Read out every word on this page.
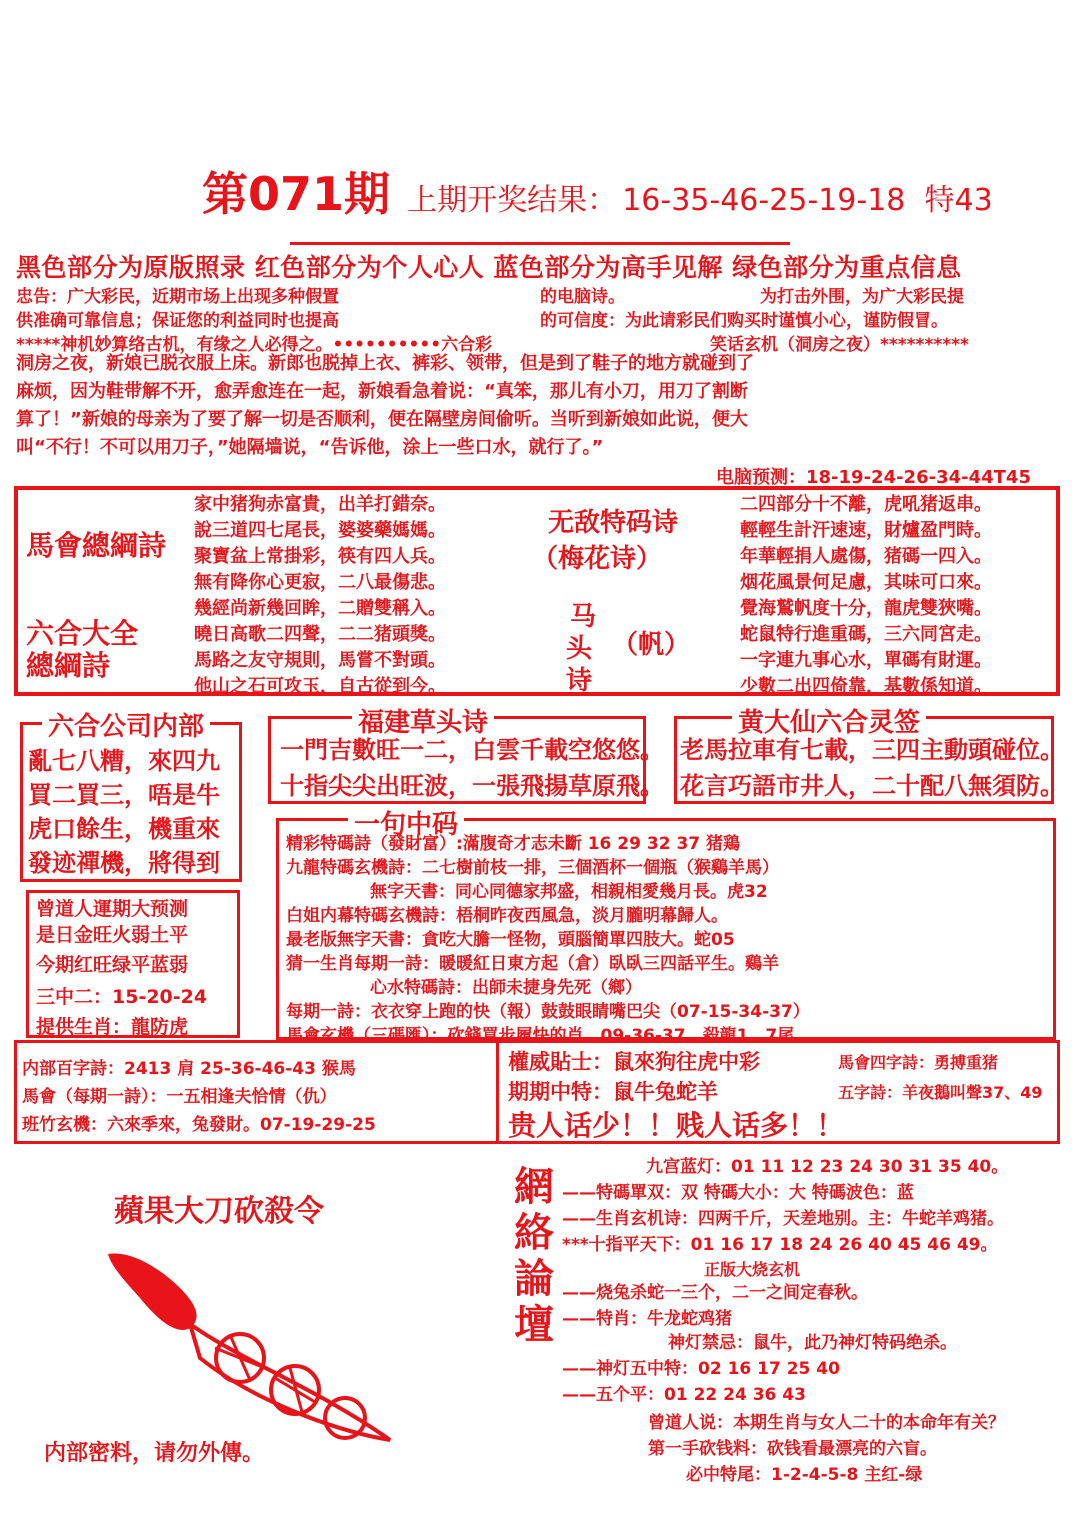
第071期 上期开奖结果： 16-35-46-25-19-18 特43
黑色部分为原版照录 红色部分为个人心人 蓝色部分为高手见解 绿色部分为重点信息
忠告：广大彩民，近期市场上出现多种假置	的电脑诗。	为打击外围，为广大彩民提
供准确可靠信息；保证您的利益同时也提高	的可信度：为此请彩民们购买时谨慎小心，谨防假冒。
*****神机妙算络古机，有缘之人必得之。••••••••••六合彩	笑话玄机（洞房之夜）**********
洞房之夜，新娘已脱衣服上床。新郎也脱掉上衣、裤彩、领带，但是到了鞋子的地方就碰到了
麻烦，因为鞋带解不开，愈弄愈连在一起，新娘看急着说：“真笨，那儿有小刀，用刀了割断
算了！”新娘的母亲为了要了解一切是否顺利，便在隔壁房间偷听。当听到新娘如此说，便大
叫“不行！不可以用刀子，”她隔墙说，“告诉他，涂上一些口水，就行了。”
电脑预测：18-19-24-26-34-44T45
馬會總綱詩
六合大全
總綱詩
家中猪狗赤富貴，出羊打錯奈。
說三道四七尾長，婆婆藥媽媽。
聚寶盆上常掛彩，筷有四人兵。
無有降你心更寂，二八最傷悲。
幾經尚新幾回眸，二贈雙稱入。
曉日高歌二四聲，二二猪頭獎。
馬路之友守規則，馬嘗不對頭。
他山之石可攻玉，自古從到今。
无敌特码诗
（梅花诗）
马
头
诗
（帆）
二四部分十不離，虎吼猪返串。
輕輕生計汗速速，財爐盈門時。
年華輕捐人處傷，猪碼一四入。
烟花風景何足慮，其味可口來。
覺海鷲帆度十分，龍虎雙狹嘴。
蛇鼠特行進重碼，三六同宮走。
一字連九事心水，單碼有財運。
少數二出四倚靠，基數係知道。
六合公司内部
亂七八糟，來四九
買二買三，唔是牛
虎口餘生，機重來
發迹禪機，將得到
福建草头诗
一門吉數旺一二，白雲千載空悠悠。
十指尖尖出旺波，一張飛揚草原飛。
黄大仙六合灵签
老馬拉車有七載，三四主動頭碰位。
花言巧語市井人，二十配八無須防。
曾道人運期大预测
是日金旺火弱土平
今期红旺绿平蓝弱
三中二：15-20-24
提供生肖：龍防虎
一句中码
精彩特碼詩（發財富）:滿腹奇才志未斷 16 29 32 37 猪鶏
九龍特碼玄機詩：二七樹前枝一排，三個酒杯一個瓶（猴鷄羊馬）
無字天書：同心同德家邦盛，相親相愛幾月長。虎32
白姐内幕特碼玄機詩：梧桐昨夜西風急，淡月朧明幕歸人。
最老版無字天書：貪吃大膽一怪物，頭腦簡單四肢大。蛇05
猜一生肖每期一詩：暖暖紅日東方起（倉）臥臥三四話平生。鷄羊
心水特碼詩：出師未捷身先死（鄉）
每期一詩：衣衣穿上跑的快（報）鼓鼓眼睛嘴巴尖（07-15-34-37）
馬會玄機（三碼匯）：砍錢買步履快的肖。09-36-37。殺龍1、7尾
内部百字詩：2413 肩 25-36-46-43 猴馬
馬會（每期一詩）：一五相逢夫恰情（仇）
班竹玄機：六來季來，兔發財。07-19-29-25
權威貼士：鼠來狗往虎中彩	馬會四字詩：勇搏重猪
期期中特：鼠牛兔蛇羊	五字詩：羊夜鵝叫聲37、49
贵人话少！！贱人话多！！
蘋果大刀砍殺令
内部密料，请勿外傳。
網
絡
論
壇
九宫蓝灯：01 11 12 23 24 30 31 35 40。
——特碼單双：双 特碼大小：大 特碼波色：蓝
——生肖玄机诗：四两千斤，天差地别。主：牛蛇羊鸡猪。
***十指平天下：01 16 17 18 24 26 40 45 46 49。
正版大烧玄机
——烧兔杀蛇一三个，二一之间定春秋。
——特肖：牛龙蛇鸡猪
神灯禁忌：鼠牛，此乃神灯特码绝杀。
——神灯五中特：02 16 17 25 40
——五个平：01 22 24 36 43
曾道人说：本期生肖与女人二十的本命年有关？
第一手砍钱料：砍钱看最漂亮的六盲。
必中特尾：1-2-4-5-8 主红-绿
